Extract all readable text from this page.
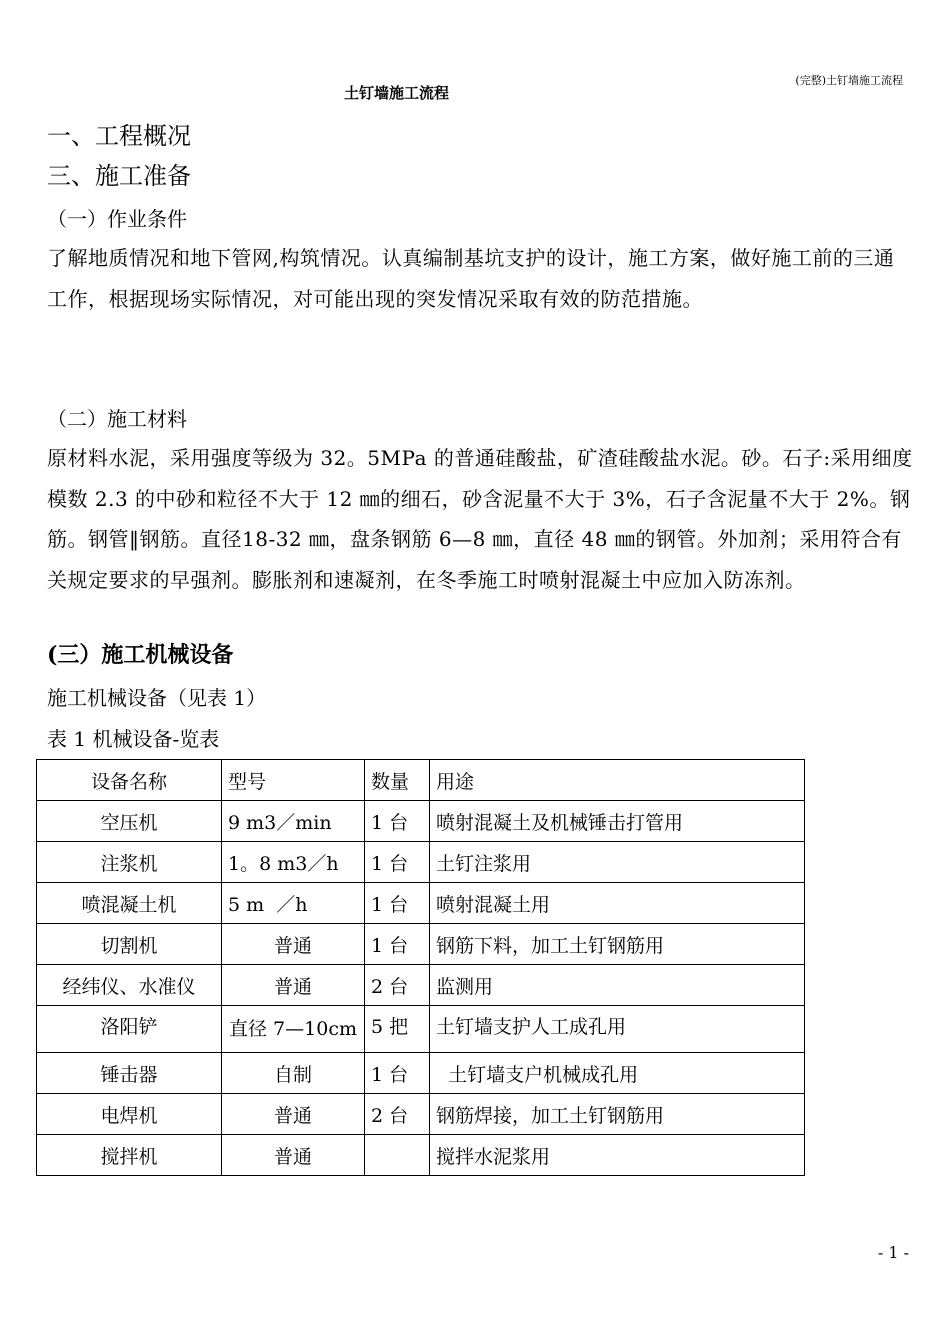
(完整)土钉墙施工流程
土钉墙施工流程
一、工程概况
三、施工准备
（一）作业条件
了解地质情况和地下管网,构筑情况。认真编制基坑支护的设计，施工方案，做好施工前的三通工作，根据现场实际情况，对可能出现的突发情况采取有效的防范措施。
（二）施工材料
原材料水泥，采用强度等级为 32。5MPa 的普通硅酸盐，矿渣硅酸盐水泥。砂。石子:采用细度模数 2.3 的中砂和粒径不大于 12 ㎜的细石，砂含泥量不大于 3%，石子含泥量不大于 2%。钢筋。钢管‖钢筋。直径18-32 ㎜，盘条钢筋 6—8 ㎜，直径 48 ㎜的钢管。外加剂；采用符合有关规定要求的早强剂。膨胀剂和速凝剂，在冬季施工时喷射混凝土中应加入防冻剂。
(三）施工机械设备
施工机械设备（见表 1）
表 1 机械设备-览表
设备名称	型号	数量	用途
空压机	9 m3／min	1 台	喷射混凝土及机械锤击打管用
注浆机	1。8 m3／h	1 台	土钉注浆用
喷混凝土机	5 m  ／h	1 台	喷射混凝土用
切割机	普通	1 台	钢筋下料，加工土钉钢筋用
经纬仪、水准仪	普通	2 台	监测用
洛阳铲	直径 7—10cm	5 把	土钉墙支护人工成孔用
锤击器	自制	1 台	土钉墙支户机械成孔用
电焊机	普通	2 台	钢筋焊接，加工土钉钢筋用
搅拌机	普通		搅拌水泥浆用
- 1 -
